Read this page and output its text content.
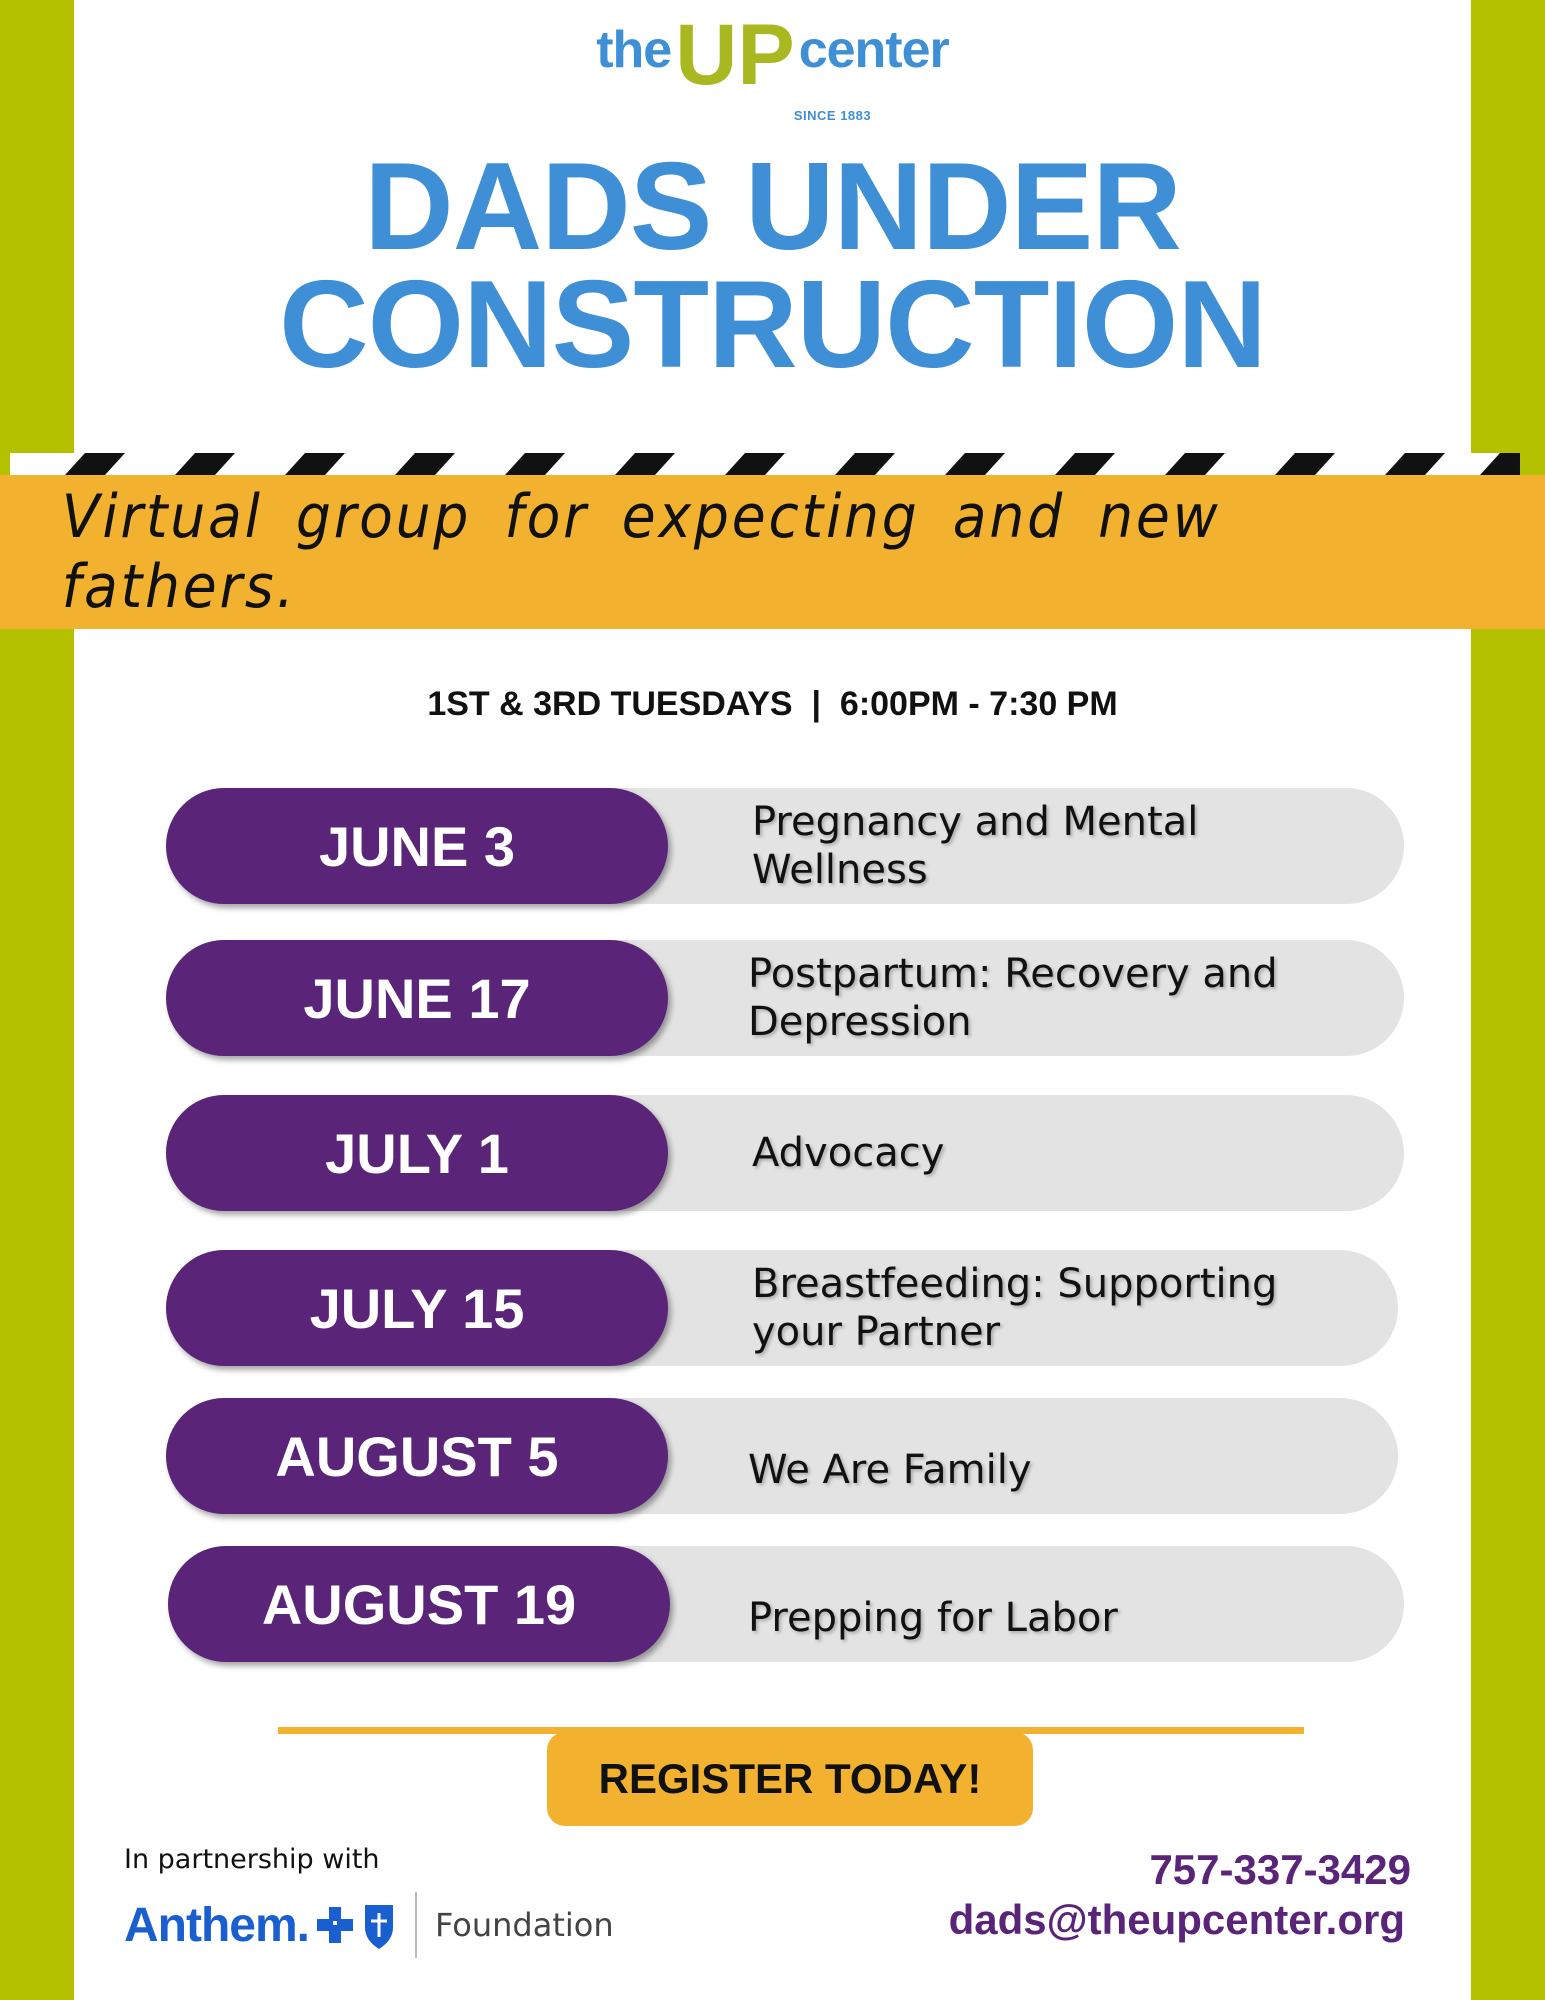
the UP center
SINCE 1883
DADS UNDER
CONSTRUCTION
Virtual group for expecting and new fathers.
1ST & 3RD TUESDAYS  |  6:00PM - 7:30 PM
JUNE 3	Pregnancy and Mental Wellness
JUNE 17	Postpartum: Recovery and Depression
JULY 1	Advocacy
JULY 15	Breastfeeding: Supporting your Partner
AUGUST 5	We Are Family
AUGUST 19	Prepping for Labor
REGISTER TODAY!
In partnership with
Anthem.	Foundation
757-337-3429
dads@theupcenter.org
